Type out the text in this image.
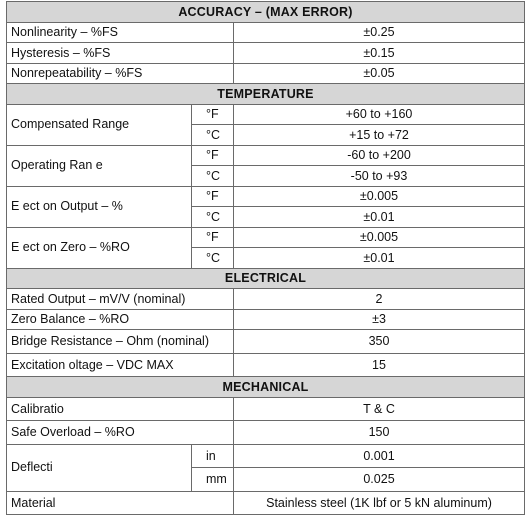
ACCURACY – (MAX ERROR)		
Nonlinearity – %FS		±0.25
Hysteresis – %FS		±0.15
Nonrepeatability – %FS		±0.05
TEMPERATURE		
Compensated Range	°F	+60 to +160
	°C	+15 to +72
Operating Ran e	°F	-60 to +200
	°C	-50 to +93
E ect on Output – %	°F	±0.005
	°C	±0.01
E ect on Zero – %RO	°F	±0.005
	°C	±0.01
ELECTRICAL		
Rated Output – mV/V (nominal)		2
Zero Balance – %RO		±3
Bridge Resistance – Ohm (nominal)		350
Excitation oltage – VDC MAX		15
MECHANICAL		
Calibratio		T & C
Safe Overload – %RO		150
Deflecti	in	0.001
	mm	0.025
Material		Stainless steel (1K lbf or 5 kN aluminum)
